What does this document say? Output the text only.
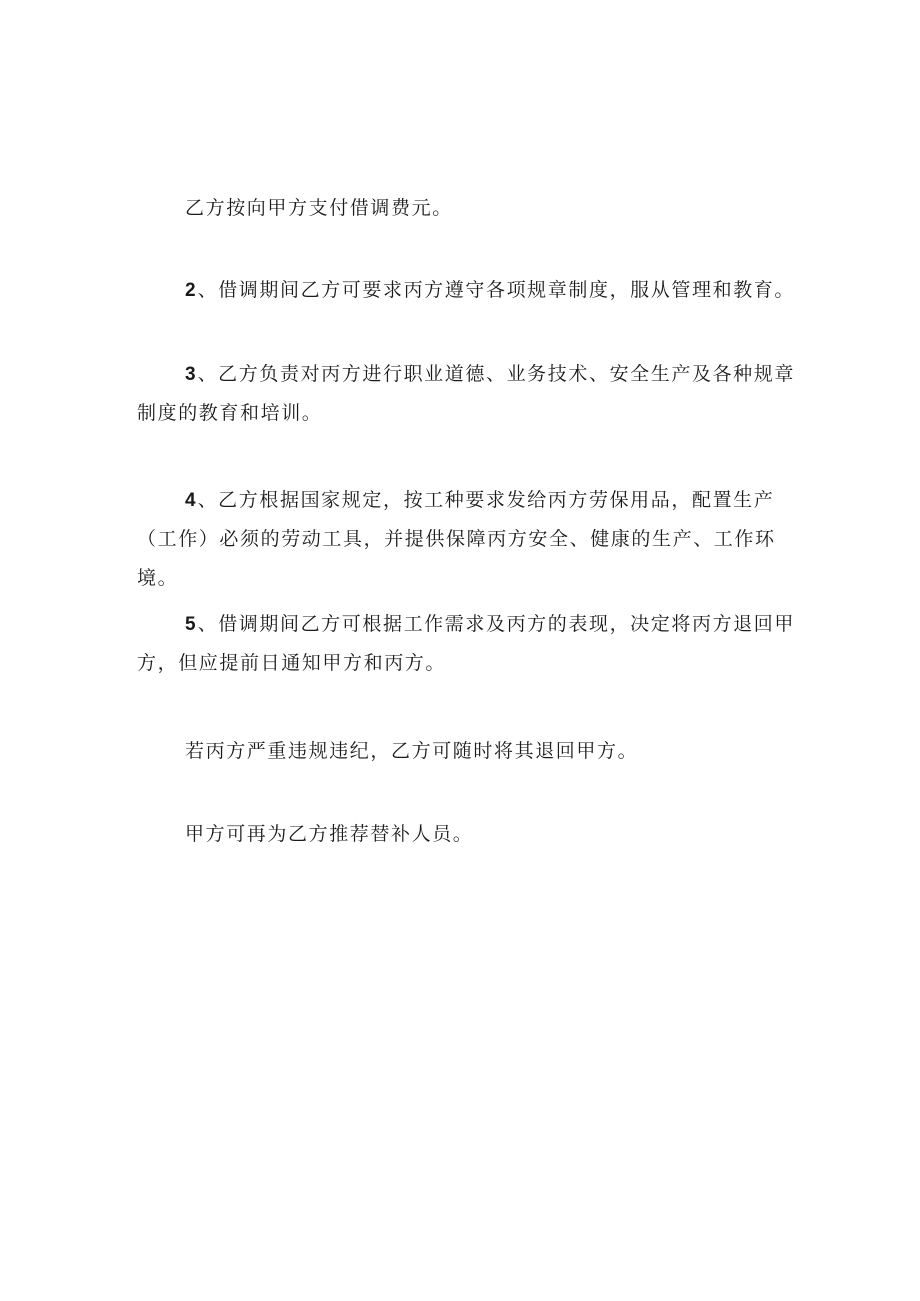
乙方按向甲方支付借调费元。

2 、借调期间乙方可要求丙方遵守各项规章制度，服从管理和教育。

3 、乙方负责对丙方进行职业道德、业务技术、安全生产及各种规章制度的教育和培训。

4 、乙方根据国家规定，按工种要求发给丙方劳保用品，配置生产（工作）必须的劳动工具，并提供保障丙方安全、健康的生产、工作环境。

5 、借调期间乙方可根据工作需求及丙方的表现，决定将丙方退回甲方，但应提前日通知甲方和丙方。

若丙方严重违规违纪，乙方可随时将其退回甲方。

甲方可再为乙方推荐替补人员。
